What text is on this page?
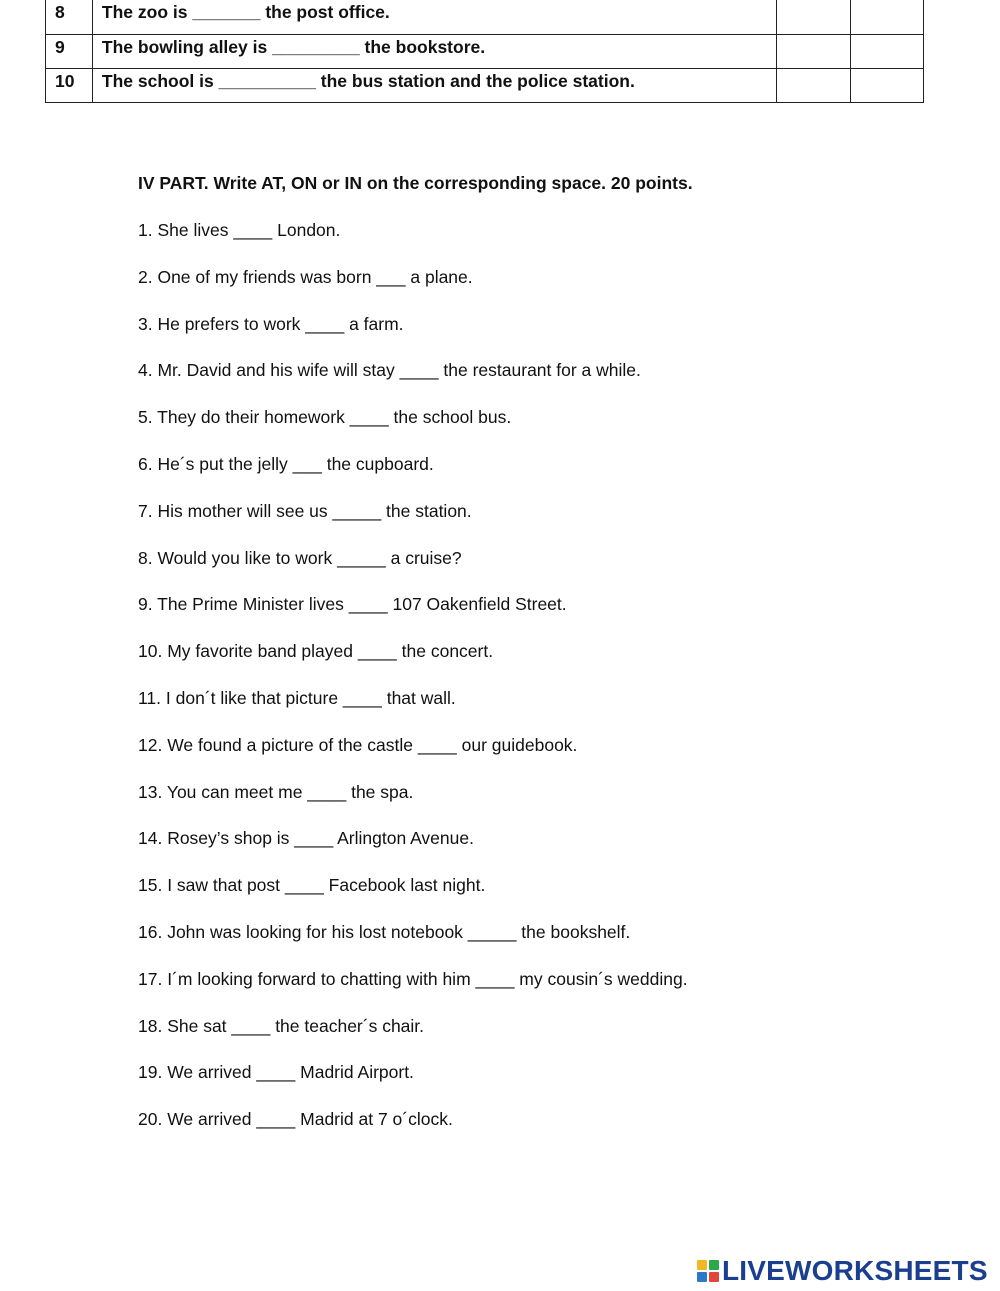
8	The zoo is _______ the post office.		
9	The bowling alley is _________ the bookstore.		
10	The school is __________ the bus station and the police station.		

IV PART. Write AT, ON or IN on the corresponding space. 20 points.

1. She lives ____ London.
2. One of my friends was born ___ a plane.
3. He prefers to work ____ a farm.
4. Mr. David and his wife will stay ____ the restaurant for a while.
5. They do their homework ____ the school bus.
6. He´s put the jelly ___ the cupboard.
7. His mother will see us _____ the station.
8. Would you like to work _____ a cruise?
9. The Prime Minister lives ____ 107 Oakenfield Street.
10. My favorite band played ____ the concert.
11. I don´t like that picture ____ that wall.
12. We found a picture of the castle ____ our guidebook.
13. You can meet me ____ the spa.
14. Rosey’s shop is ____ Arlington Avenue.
15. I saw that post ____ Facebook last night.
16. John was looking for his lost notebook _____ the bookshelf.
17. I´m looking forward to chatting with him ____ my cousin´s wedding.
18. She sat ____ the teacher´s chair.
19. We arrived ____ Madrid Airport.
20. We arrived ____ Madrid at 7 o´clock.
LIVEWORKSHEETS
